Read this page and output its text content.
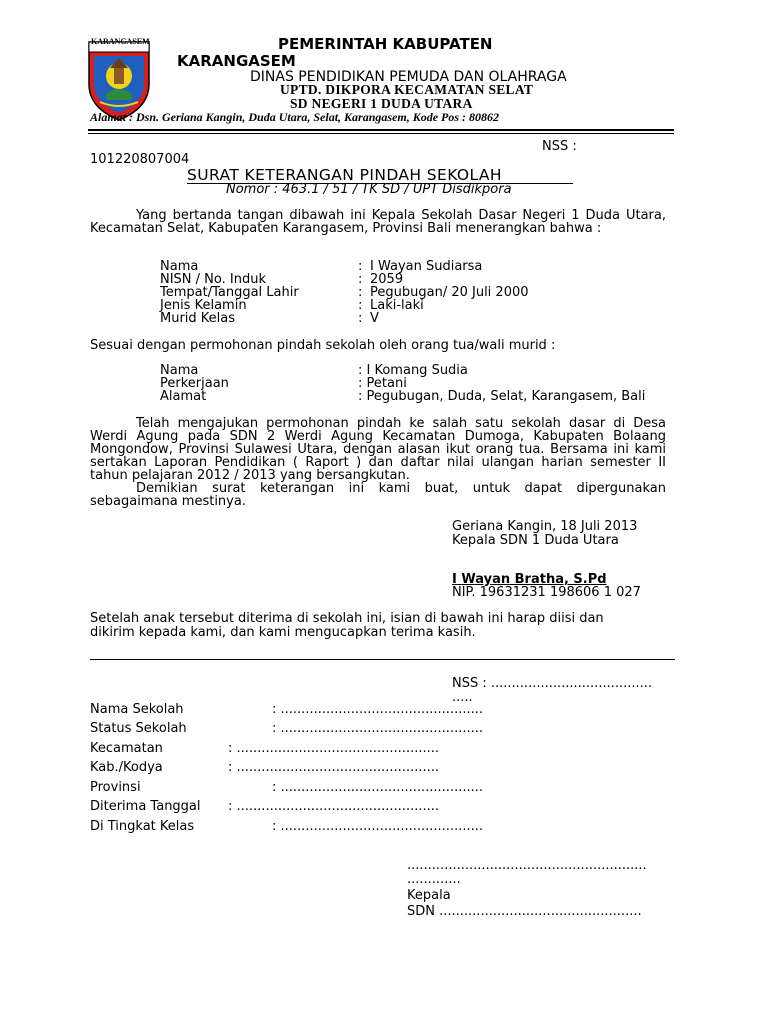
KARANGASEM	PEMERINTAH KABUPATEN
KARANGASEM
DINAS PENDIDIKAN PEMUDA DAN OLAHRAGA
UPTD. DIKPORA KECAMATAN SELAT
SD NEGERI 1 DUDA UTARA
Alamat : Dsn. Geriana Kangin, Duda Utara, Selat, Karangasem, Kode Pos : 80862
NSS :
101220807004
SURAT KETERANGAN PINDAH SEKOLAH
Nomor : 463.1 / 51 / TK SD / UPT Disdikpora
Yang bertanda tangan dibawah ini Kepala Sekolah Dasar Negeri 1 Duda Utara, Kecamatan Selat, Kabupaten Karangasem, Provinsi Bali menerangkan bahwa :
Nama	: I Wayan Sudiarsa
NISN / No. Induk	: 2059
Tempat/Tanggal Lahir	: Pegubugan/ 20 Juli 2000
Jenis Kelamin	: Laki-laki
Murid Kelas	: V
Sesuai dengan permohonan pindah sekolah oleh orang tua/wali murid :
Nama	: I Komang Sudia
Perkerjaan	: Petani
Alamat	: Pegubugan, Duda, Selat, Karangasem, Bali
Telah mengajukan permohonan pindah ke salah satu sekolah dasar di Desa Werdi Agung pada SDN 2 Werdi Agung Kecamatan Dumoga, Kabupaten Bolaang Mongondow, Provinsi Sulawesi Utara, dengan alasan ikut orang tua. Bersama ini kami sertakan Laporan Pendidikan ( Raport ) dan daftar nilai ulangan harian semester II tahun pelajaran 2012 / 2013 yang bersangkutan.
Demikian surat keterangan ini kami buat, untuk dapat dipergunakan sebagaimana mestinya.
Geriana Kangin, 18 Juli 2013
Kepala SDN 1 Duda Utara
I Wayan Bratha, S.Pd
NIP. 19631231 198606 1 027
Setelah anak tersebut diterima di sekolah ini, isian di bawah ini harap diisi dan dikirim kepada kami, dan kami mengucapkan terima kasih.
NSS : .......................................
.....
Nama Sekolah	: .................................................
Status Sekolah	: .................................................
Kecamatan	: .................................................
Kab./Kodya	: .................................................
Provinsi	: .................................................
Diterima Tanggal : .................................................
Di Tingkat Kelas	: .................................................
..........................................................
.............
Kepala
SDN .................................................
